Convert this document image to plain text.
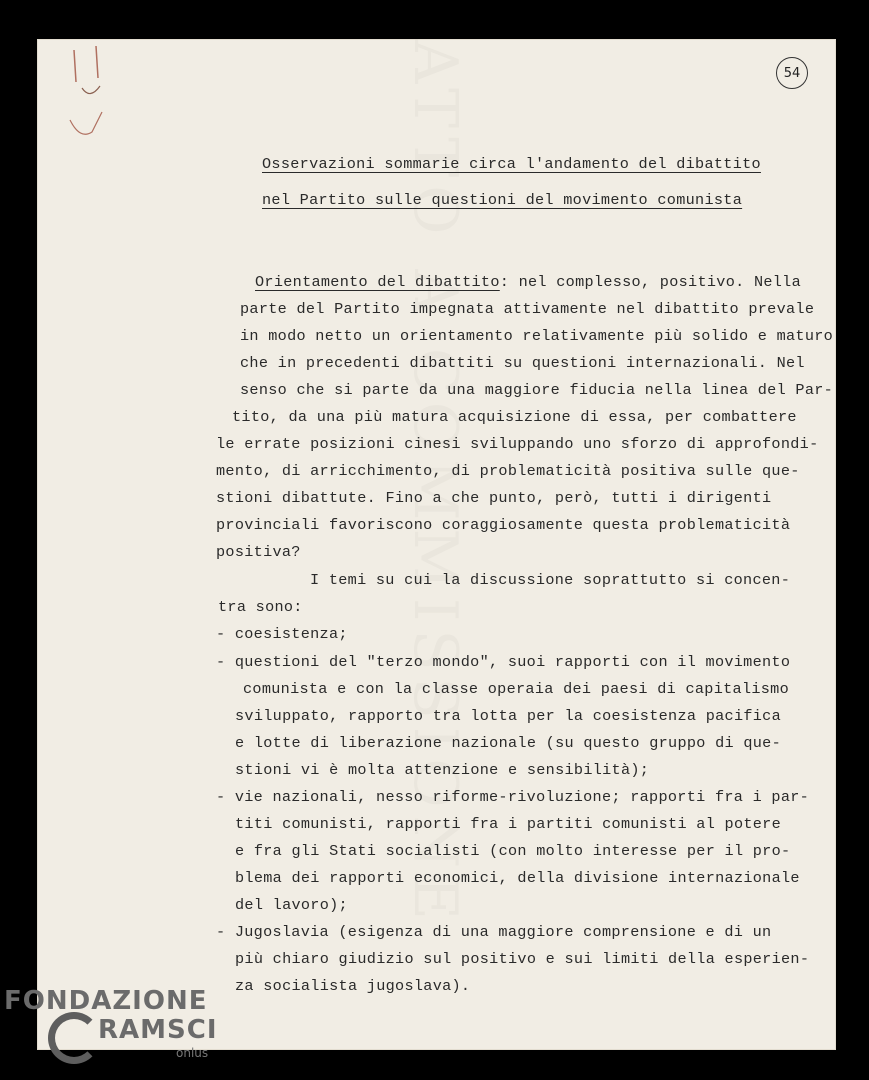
ATTO A COMMISSIONE	54
Osservazioni sommarie circa l'andamento del dibattito
nel Partito sulle questioni del movimento comunista
Orientamento del dibattito: nel complesso, positivo. Nella
parte del Partito impegnata attivamente nel dibattito prevale
in modo netto un orientamento relativamente più solido e maturo
che in precedenti dibattiti su questioni internazionali. Nel
senso che si parte da una maggiore fiducia nella linea del Par-
tito, da una più matura acquisizione di essa, per combattere
le errate posizioni cinesi sviluppando uno sforzo di approfondi-
mento, di arricchimento, di problematicità positiva sulle que-
stioni dibattute. Fino a che punto, però, tutti i dirigenti
provinciali favoriscono coraggiosamente questa problematicità
positiva?
I temi su cui la discussione soprattutto si concen-
tra sono:
- coesistenza;
- questioni del "terzo mondo", suoi rapporti con il movimento
comunista e con la classe operaia dei paesi di capitalismo
sviluppato, rapporto tra lotta per la coesistenza pacifica
e lotte di liberazione nazionale (su questo gruppo di que-
stioni vi è molta attenzione e sensibilità);
- vie nazionali, nesso riforme-rivoluzione; rapporti fra i par-
titi comunisti, rapporti fra i partiti comunisti al potere
e fra gli Stati socialisti (con molto interesse per il pro-
blema dei rapporti economici, della divisione internazionale
del lavoro);
- Jugoslavia (esigenza di una maggiore comprensione e di un
più chiaro giudizio sul positivo e sui limiti della esperien-
za socialista jugoslava).
FONDAZIONE
RAMSCI
onlus
